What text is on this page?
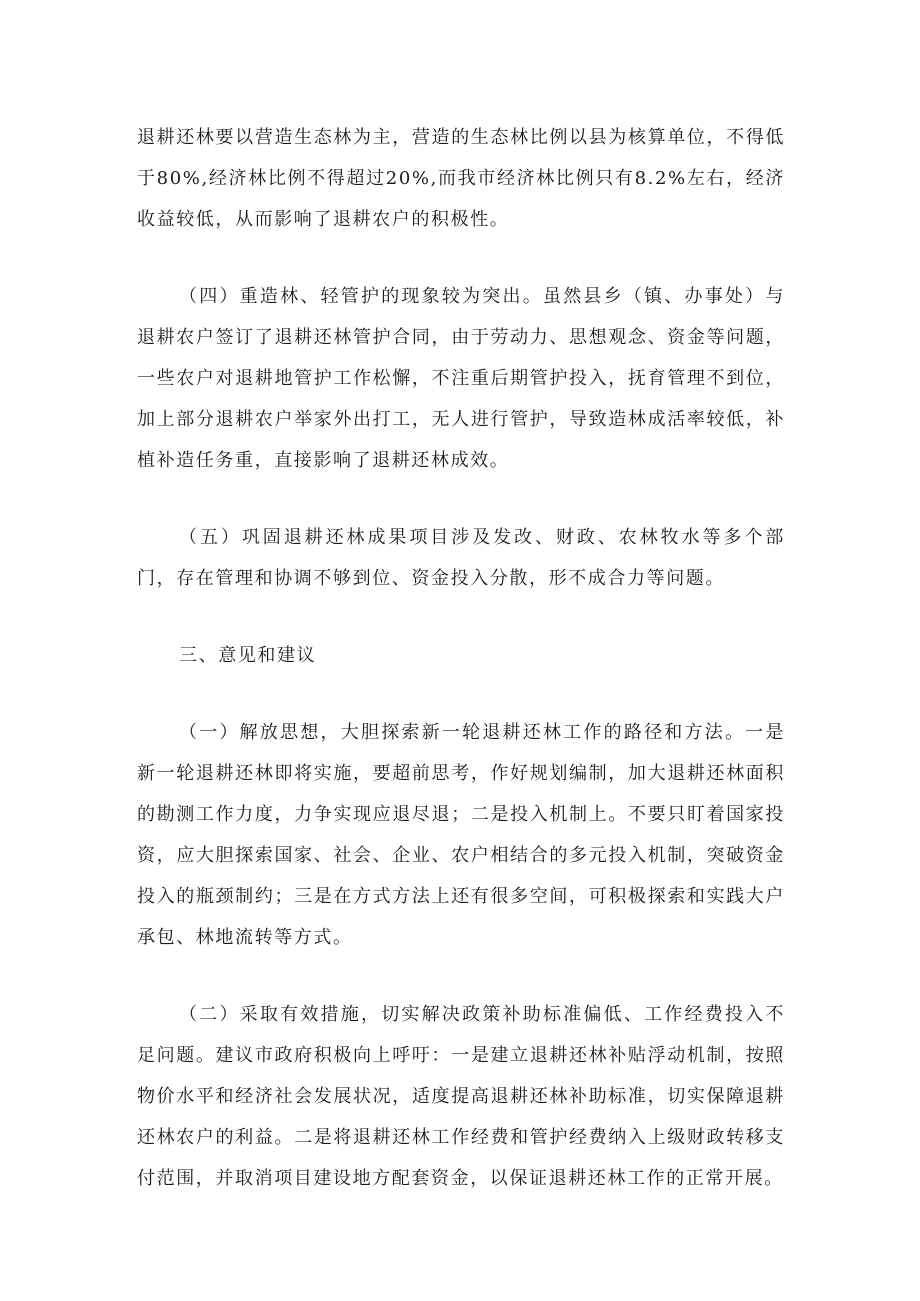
退耕还林要以营造生态林为主，营造的生态林比例以县为核算单位，不得低于80%,经济林比例不得超过20%,而我市经济林比例只有8.2%左右，经济收益较低，从而影响了退耕农户的积极性。

（四）重造林、轻管护的现象较为突出。虽然县乡（镇、办事处）与退耕农户签订了退耕还林管护合同，由于劳动力、思想观念、资金等问题，一些农户对退耕地管护工作松懈，不注重后期管护投入，抚育管理不到位，加上部分退耕农户举家外出打工，无人进行管护，导致造林成活率较低，补植补造任务重，直接影响了退耕还林成效。

（五）巩固退耕还林成果项目涉及发改、财政、农林牧水等多个部门，存在管理和协调不够到位、资金投入分散，形不成合力等问题。

三、意见和建议

（一）解放思想，大胆探索新一轮退耕还林工作的路径和方法。一是新一轮退耕还林即将实施，要超前思考，作好规划编制，加大退耕还林面积的勘测工作力度，力争实现应退尽退；二是投入机制上。不要只盯着国家投资，应大胆探索国家、社会、企业、农户相结合的多元投入机制，突破资金投入的瓶颈制约；三是在方式方法上还有很多空间，可积极探索和实践大户承包、林地流转等方式。

（二）采取有效措施，切实解决政策补助标准偏低、工作经费投入不足问题。建议市政府积极向上呼吁：一是建立退耕还林补贴浮动机制，按照物价水平和经济社会发展状况，适度提高退耕还林补助标准，切实保障退耕还林农户的利益。二是将退耕还林工作经费和管护经费纳入上级财政转移支付范围，并取消项目建设地方配套资金，以保证退耕还林工作的正常开展。
